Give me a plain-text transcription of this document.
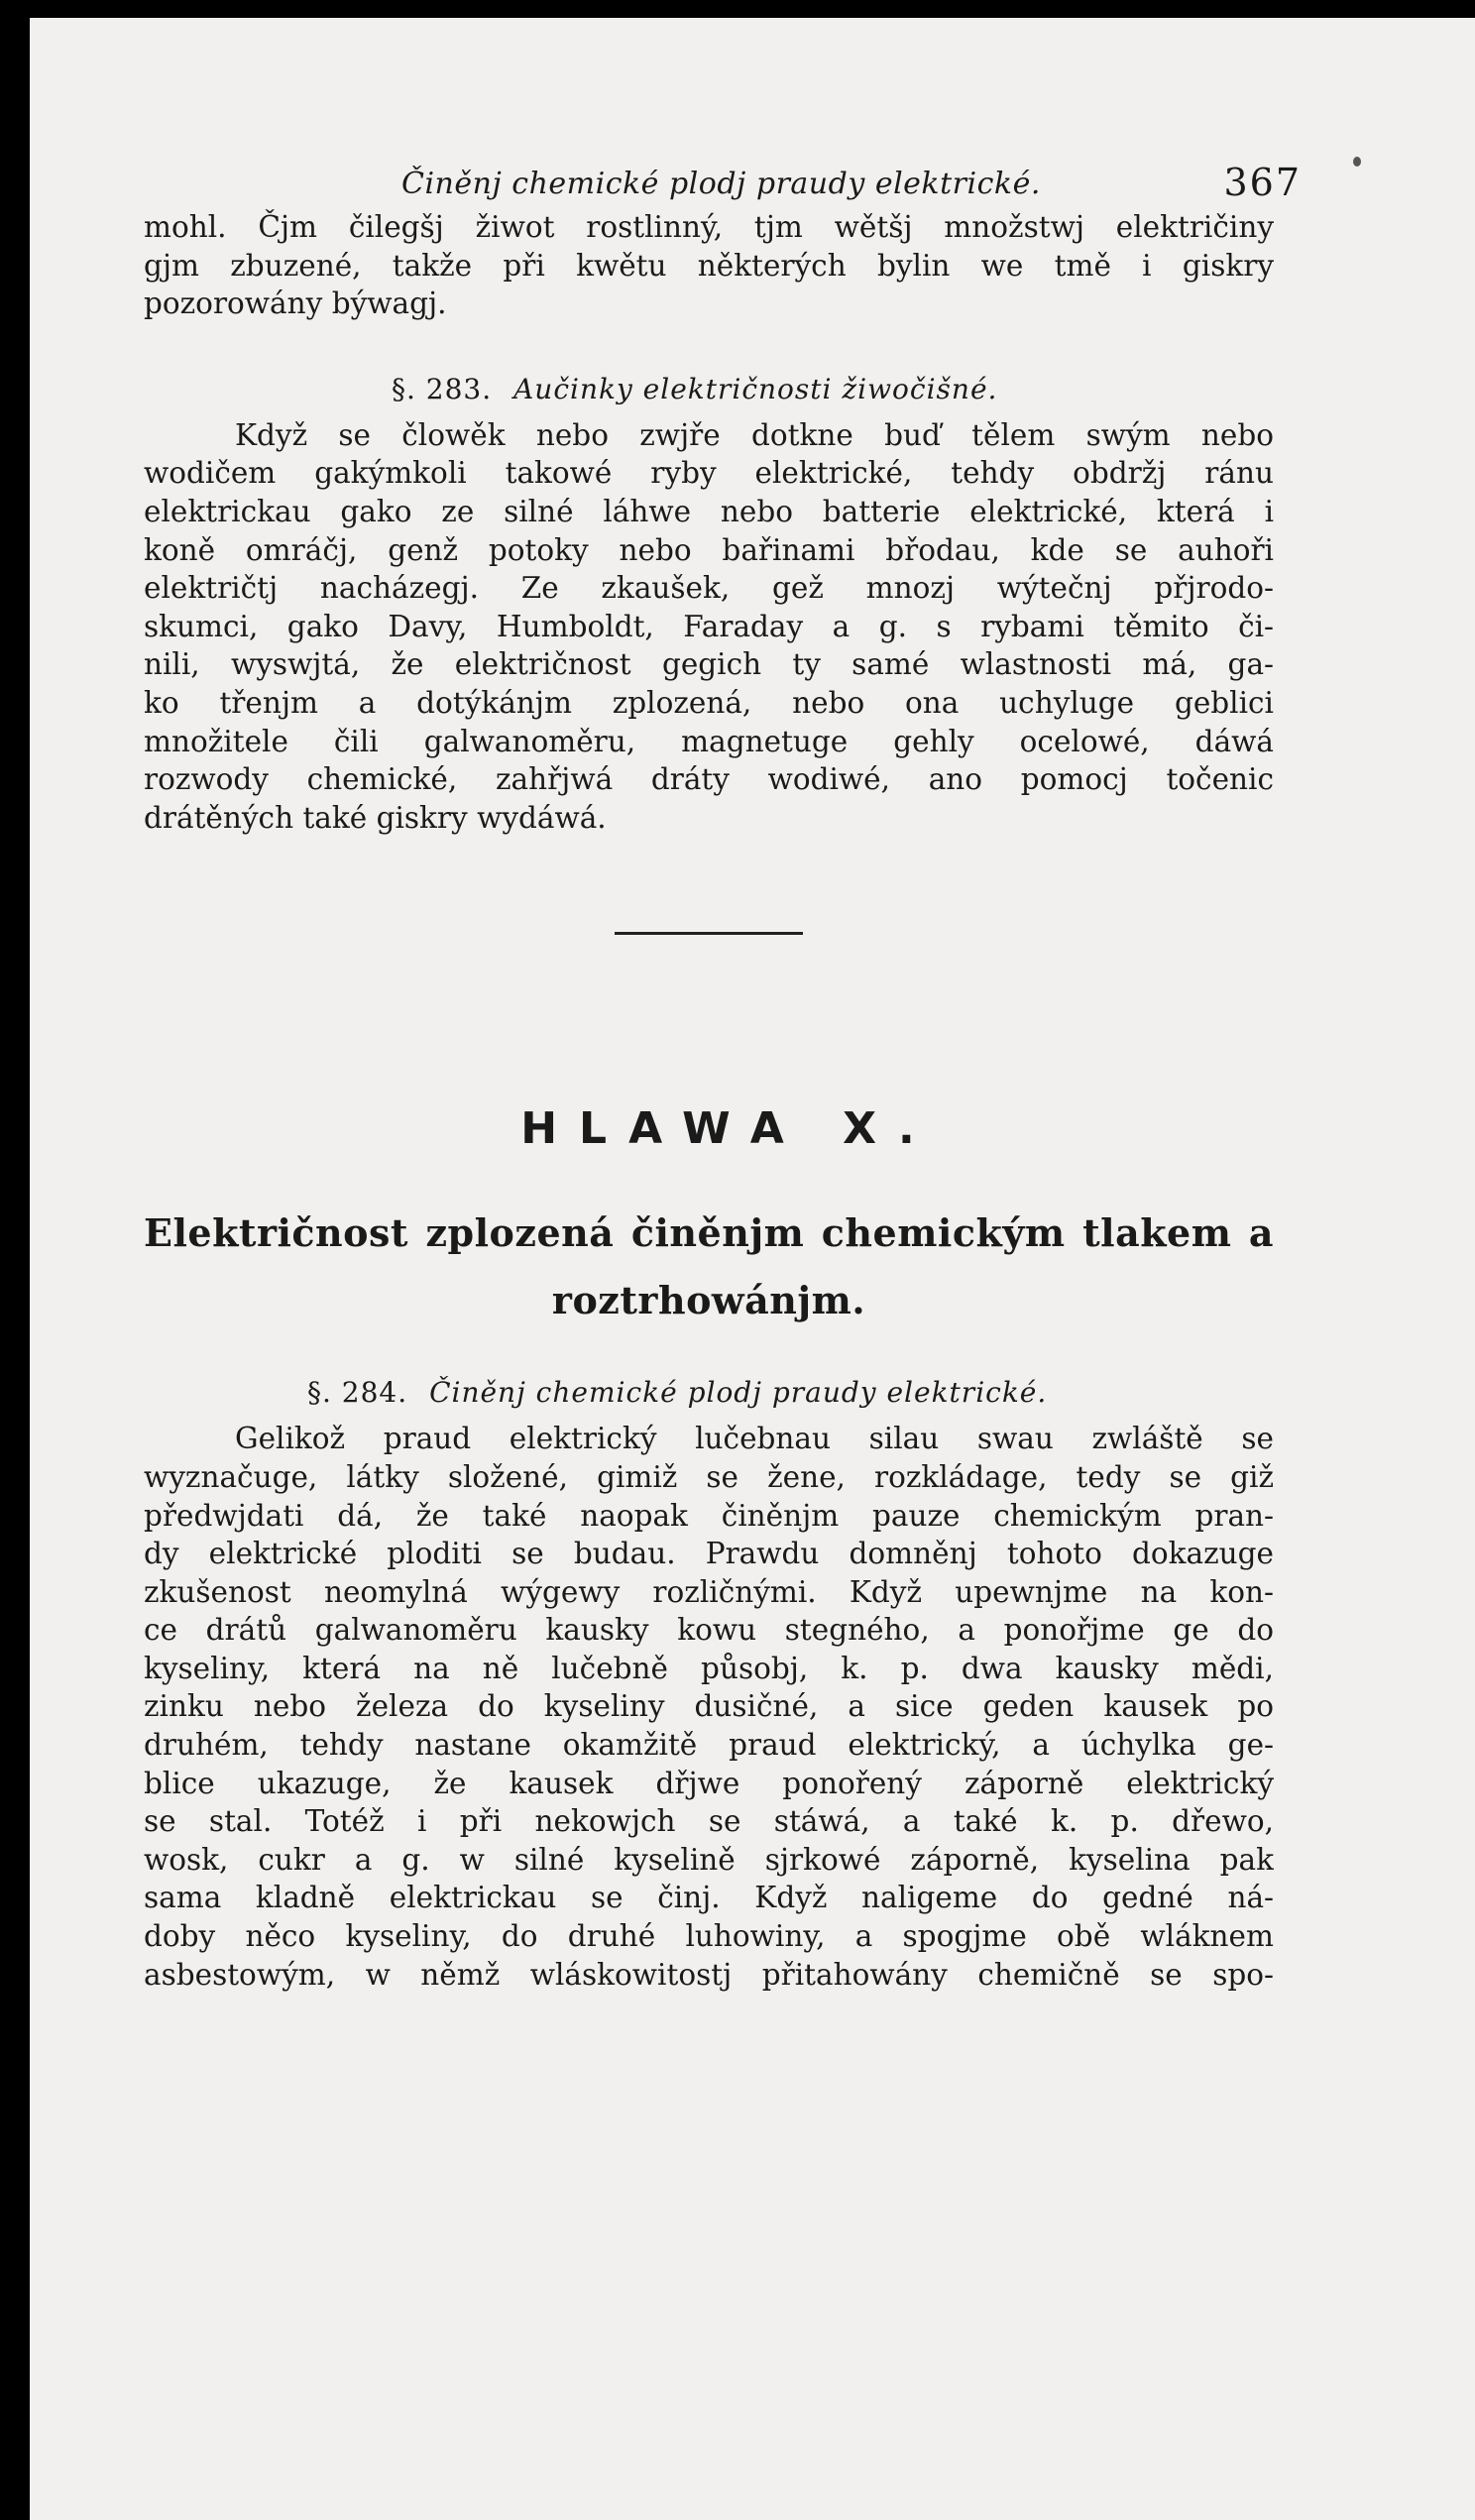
Činěnj chemické plodj praudy elektrické.	367

mohl. Čjm čilegšj žiwot rostlinný, tjm wětšj množstwj električiny
gjm zbuzené, takže při kwětu některých bylin we tmě i giskry
pozorowány býwagj.

§. 283. Aučinky električnosti žiwočišné.

Když se člowěk nebo zwjře dotkne buď tělem swým nebo
wodičem gakýmkoli takowé ryby elektrické, tehdy obdržj ránu
elektrickau gako ze silné láhwe nebo batterie elektrické, která i
koně omráčj, genž potoky nebo bařinami břodau, kde se auhoři
električtj nacházegj. Ze zkaušek, gež mnozj wýtečnj přjrodo-
skumci, gako Davy, Humboldt, Faraday a g. s rybami těmito či-
nili, wyswjtá, že električnost gegich ty samé wlastnosti má, ga-
ko třenjm a dotýkánjm zplozená, nebo ona uchyluge geblici
množitele čili galwanoměru, magnetuge gehly ocelowé, dáwá
rozwody chemické, zahřjwá dráty wodiwé, ano pomocj točenic
drátěných také giskry wydáwá.

HLAWA X.
Električnost zplozená činěnjm chemickým tlakem a
roztrhowánjm.
§. 284. Činěnj chemické plodj praudy elektrické.

Gelikož praud elektrický lučebnau silau swau zwláště se
wyznačuge, látky složené, gimiž se žene, rozkládage, tedy se giž
předwjdati dá, že také naopak činěnjm pauze chemickým pran-
dy elektrické ploditi se budau. Prawdu domněnj tohoto dokazuge
zkušenost neomylná wýgewy rozličnými. Když upewnjme na kon-
ce drátů galwanoměru kausky kowu stegného, a ponořjme ge do
kyseliny, která na ně lučebně působj, k. p. dwa kausky mědi,
zinku nebo železa do kyseliny dusičné, a sice geden kausek po
druhém, tehdy nastane okamžitě praud elektrický, a úchylka ge-
blice ukazuge, že kausek dřjwe ponořený záporně elektrický
se stal. Totéž i při nekowjch se stáwá, a také k. p. dřewo,
wosk, cukr a g. w silné kyselině sjrkowé záporně, kyselina pak
sama kladně elektrickau se činj. Když naligeme do gedné ná-
doby něco kyseliny, do druhé luhowiny, a spogjme obě wláknem
asbestowým, w němž wláskowitostj přitahowány chemičně se spo-
